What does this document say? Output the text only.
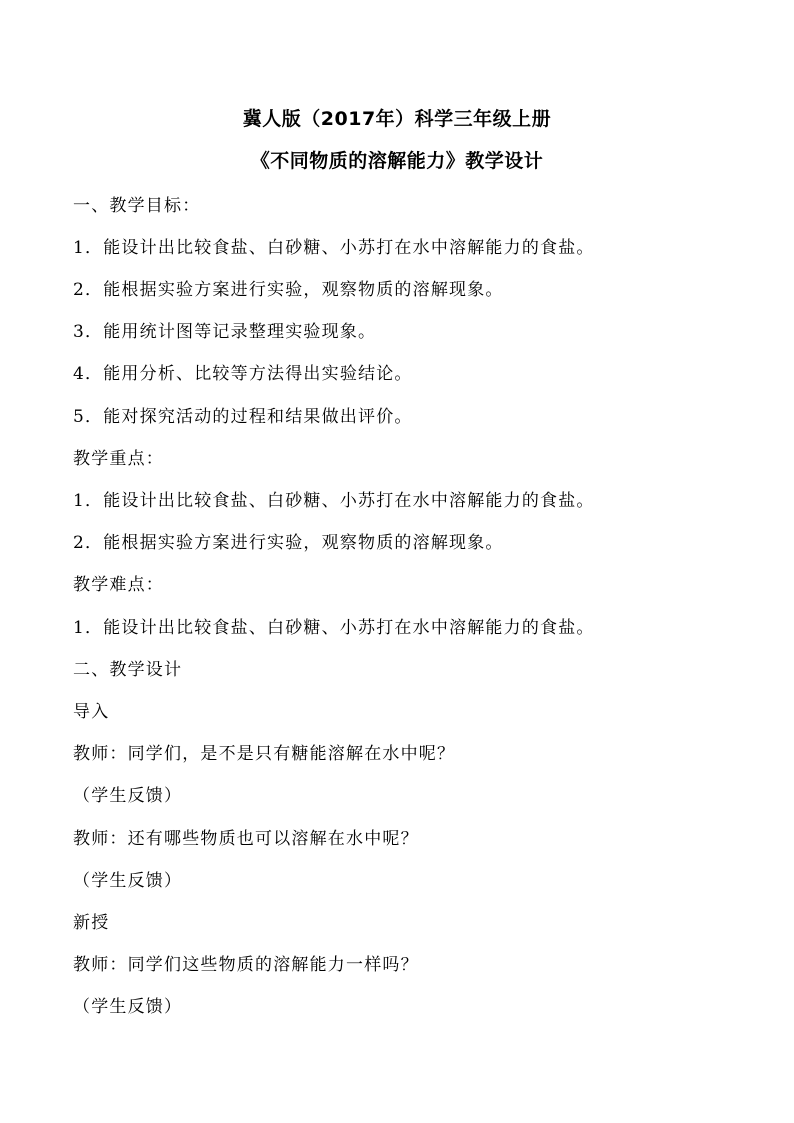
冀人版（2017年）科学三年级上册
《不同物质的溶解能力》教学设计
一、教学目标：
1．能设计出比较食盐、白砂糖、小苏打在水中溶解能力的食盐。
2．能根据实验方案进行实验，观察物质的溶解现象。
3．能用统计图等记录整理实验现象。
4．能用分析、比较等方法得出实验结论。
5．能对探究活动的过程和结果做出评价。
教学重点：
1．能设计出比较食盐、白砂糖、小苏打在水中溶解能力的食盐。
2．能根据实验方案进行实验，观察物质的溶解现象。
教学难点：
1．能设计出比较食盐、白砂糖、小苏打在水中溶解能力的食盐。
二、教学设计
导入
教师：同学们，是不是只有糖能溶解在水中呢？
（学生反馈）
教师：还有哪些物质也可以溶解在水中呢？
（学生反馈）
新授
教师：同学们这些物质的溶解能力一样吗？
（学生反馈）
